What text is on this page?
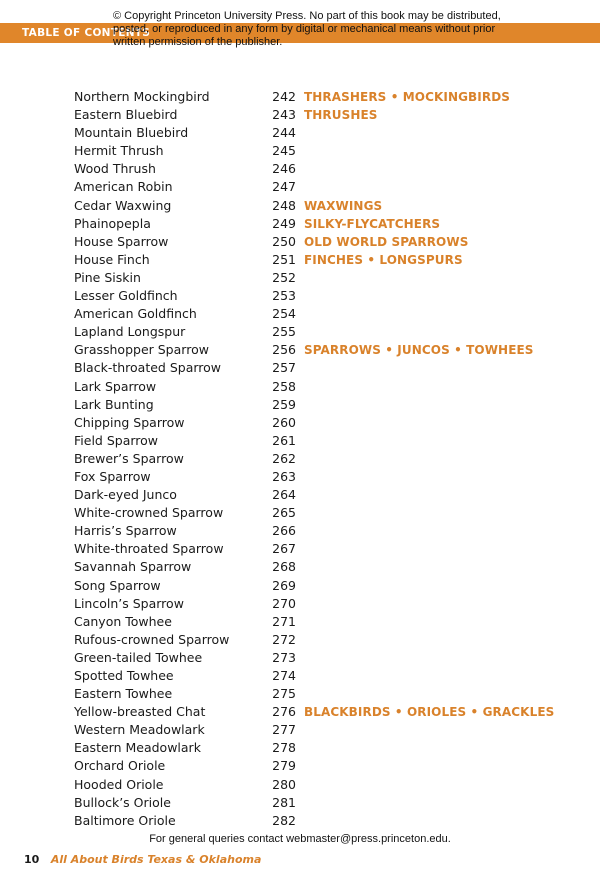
TABLE OF CONTENTS
© Copyright Princeton University Press. No part of this book may be distributed, posted, or reproduced in any form by digital or mechanical means without prior written permission of the publisher.
Northern Mockingbird	242 THRASHERS • MOCKINGBIRDS
Eastern Bluebird	243 THRUSHES
Mountain Bluebird	244
Hermit Thrush	245
Wood Thrush	246
American Robin	247
Cedar Waxwing	248 WAXWINGS
Phainopepla	249 SILKY-FLYCATCHERS
House Sparrow	250 OLD WORLD SPARROWS
House Finch	251 FINCHES • LONGSPURS
Pine Siskin	252
Lesser Goldfinch	253
American Goldfinch	254
Lapland Longspur	255
Grasshopper Sparrow	256 SPARROWS • JUNCOS • TOWHEES
Black-throated Sparrow	257
Lark Sparrow	258
Lark Bunting	259
Chipping Sparrow	260
Field Sparrow	261
Brewer’s Sparrow	262
Fox Sparrow	263
Dark-eyed Junco	264
White-crowned Sparrow	265
Harris’s Sparrow	266
White-throated Sparrow	267
Savannah Sparrow	268
Song Sparrow	269
Lincoln’s Sparrow	270
Canyon Towhee	271
Rufous-crowned Sparrow	272
Green-tailed Towhee	273
Spotted Towhee	274
Eastern Towhee	275
Yellow-breasted Chat	276 BLACKBIRDS • ORIOLES • GRACKLES
Western Meadowlark	277
Eastern Meadowlark	278
Orchard Oriole	279
Hooded Oriole	280
Bullock’s Oriole	281
Baltimore Oriole	282
For general queries contact webmaster@press.princeton.edu.
10 All About Birds Texas & Oklahoma
